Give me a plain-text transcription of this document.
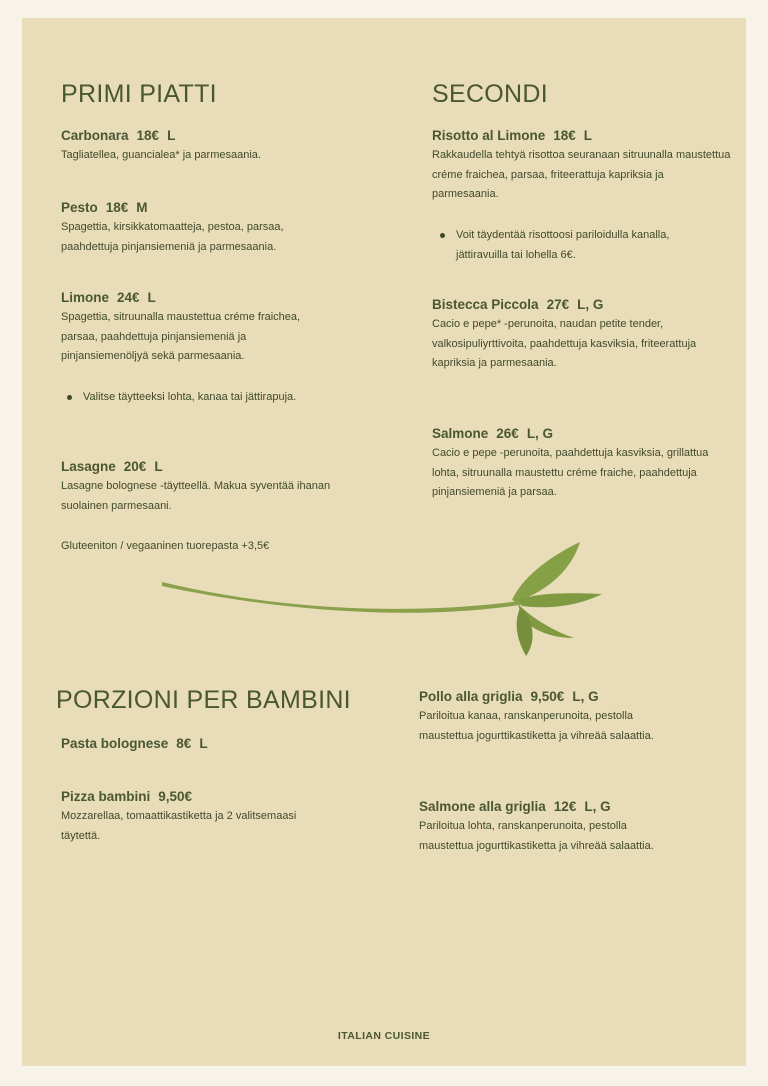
PRIMI PIATTI	SECONDI
Carbonara 18€ L

Tagliatellea, guancialea* ja parmesaania.

Pesto 18€ M

Spagettia, kirsikkatomaatteja, pestoa, parsaa, paahdettuja pinjansiemeniä ja parmesaania.

Limone 24€ L

Spagettia, sitruunalla maustettua créme fraichea, parsaa, paahdettuja pinjansiemeniä ja pinjansiemenöljyä sekä parmesaania.

Valitse täytteeksi lohta, kanaa tai jättirapuja.
Lasagne 20€ L

Lasagne bolognese -täytteellä. Makua syventää ihanan suolainen parmesaani.

Gluteeniton / vegaaninen tuorepasta +3,5€
Risotto al Limone 18€ L

Rakkaudella tehtyä risottoa seuranaan sitruunalla maustettua créme fraichea, parsaa, friteerattuja kapriksia ja parmesaania.

Voit täydentää risottoosi pariloidulla kanalla, jättiravuilla tai lohella 6€.
Bistecca Piccola 27€ L, G

Cacio e pepe* -perunoita, naudan petite tender, valkosipuliyrttivoita, paahdettuja kasviksia, friteerattuja kapriksia ja parmesaania.

Salmone 26€ L, G

Cacio e pepe -perunoita, paahdettuja kasviksia, grillattua lohta, sitruunalla maustettu créme fraiche, paahdettuja pinjansiemeniä ja parsaa.

PORZIONI PER BAMBINI
Pasta bolognese 8€ L
Pizza bambini 9,50€

Mozzarellaa, tomaattikastiketta ja 2 valitsemaasi täytettä.

Pollo alla griglia 9,50€ L, G

Pariloitua kanaa, ranskanperunoita, pestolla maustettua jogurttikastiketta ja vihreää salaattia.

Salmone alla griglia 12€ L, G

Pariloitua lohta, ranskanperunoita, pestolla maustettua jogurttikastiketta ja vihreää salaattia.

ITALIAN CUISINE
